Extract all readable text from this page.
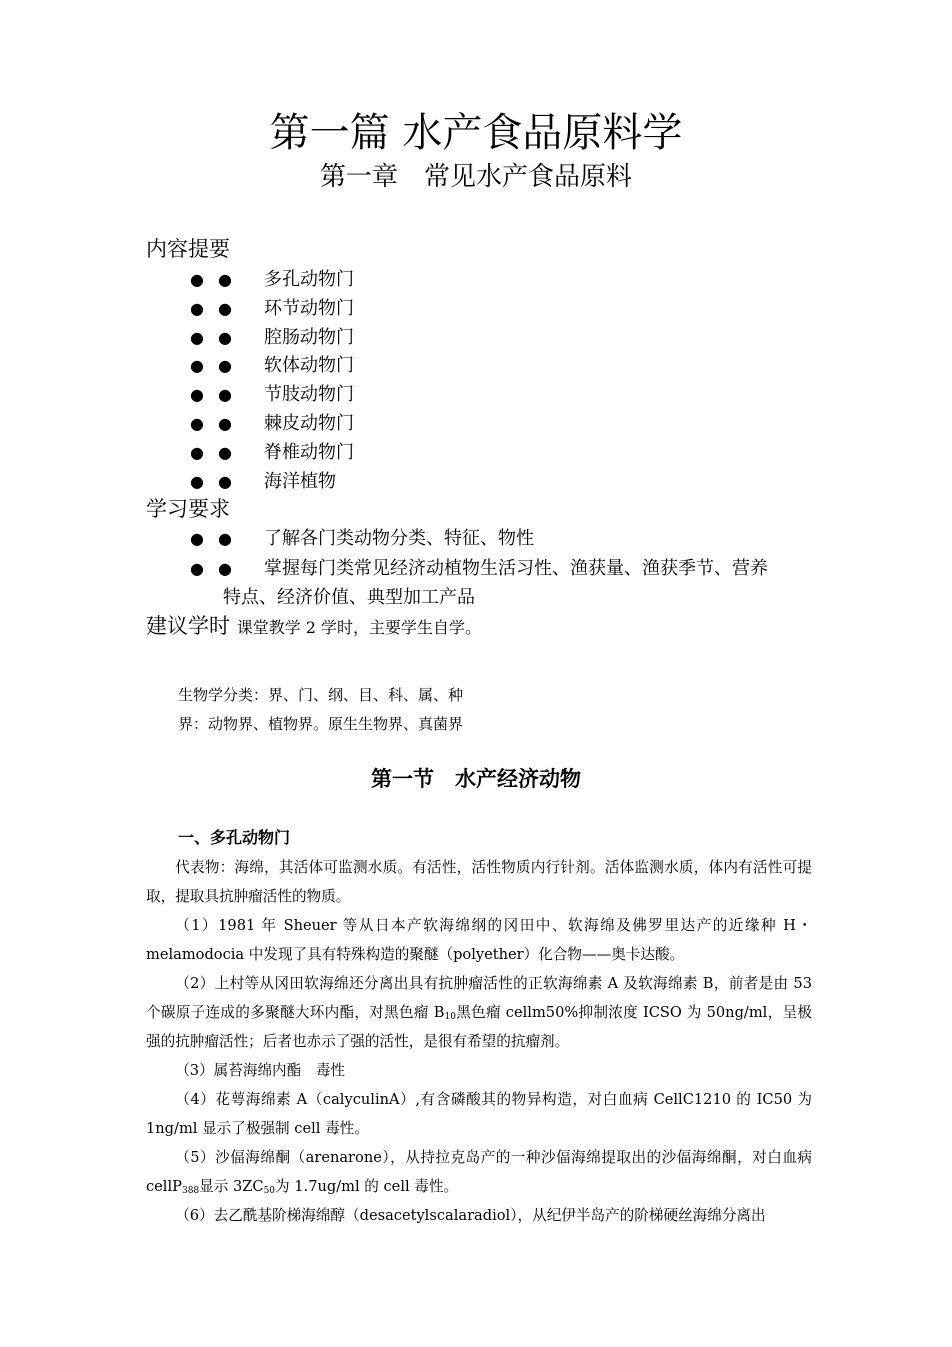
第一篇 水产食品原料学
第一章　常见水产食品原料
内容提要
●● 多孔动物门
●● 环节动物门
●● 腔肠动物门
●● 软体动物门
●● 节肢动物门
●● 棘皮动物门
●● 脊椎动物门
●● 海洋植物
学习要求
●● 了解各门类动物分类、特征、物性
●● 掌握每门类常见经济动植物生活习性、渔获量、渔获季节、营养
特点、经济价值、典型加工产品
建议学时 课堂教学 2 学时，主要学生自学。
生物学分类：界、门、纲、目、科、属、种
界：动物界、植物界。原生生物界、真菌界
第一节　水产经济动物
一、多孔动物门

代表物：海绵，其活体可监测水质。有活性，活性物质内行针剂。活体监测水质，体内有活性可提取，提取具抗肿瘤活性的物质。

（1）1981 年 Sheuer 等从日本产软海绵纲的冈田中、软海绵及佛罗里达产的近缘种 H・melamodocia 中发现了具有特殊构造的聚醚（polyether）化合物——奥卡达酸。

（2）上村等从冈田软海绵还分离出具有抗肿瘤活性的正软海绵素 A 及软海绵素 B，前者是由 53 个碳原子连成的多聚醚大环内酯，对黑色瘤 $B_{10}$黑色瘤 cellm50%抑制浓度 ICSO 为 50ng/ml，呈极强的抗肿瘤活性；后者也赤示了强的活性，是很有希望的抗瘤剂。

（3）属苔海绵内酯　毒性

（4）花萼海绵素 A（calyculinA）,有含磷酸其的物异构造，对白血病 CellC1210 的 IC50 为 1ng/ml 显示了极强制 cell 毒性。

（5）沙偪海绵酮（arenarone），从持拉克岛产的一种沙偪海绵提取出的沙偪海绵酮，对白血病 cellP$_{388}$显示 $3ZC_{50}$为 1.7ug/ml 的 cell 毒性。

（6）去乙酰基阶梯海绵醇（desacetylscalaradiol），从纪伊半岛产的阶梯硬丝海绵分离出
